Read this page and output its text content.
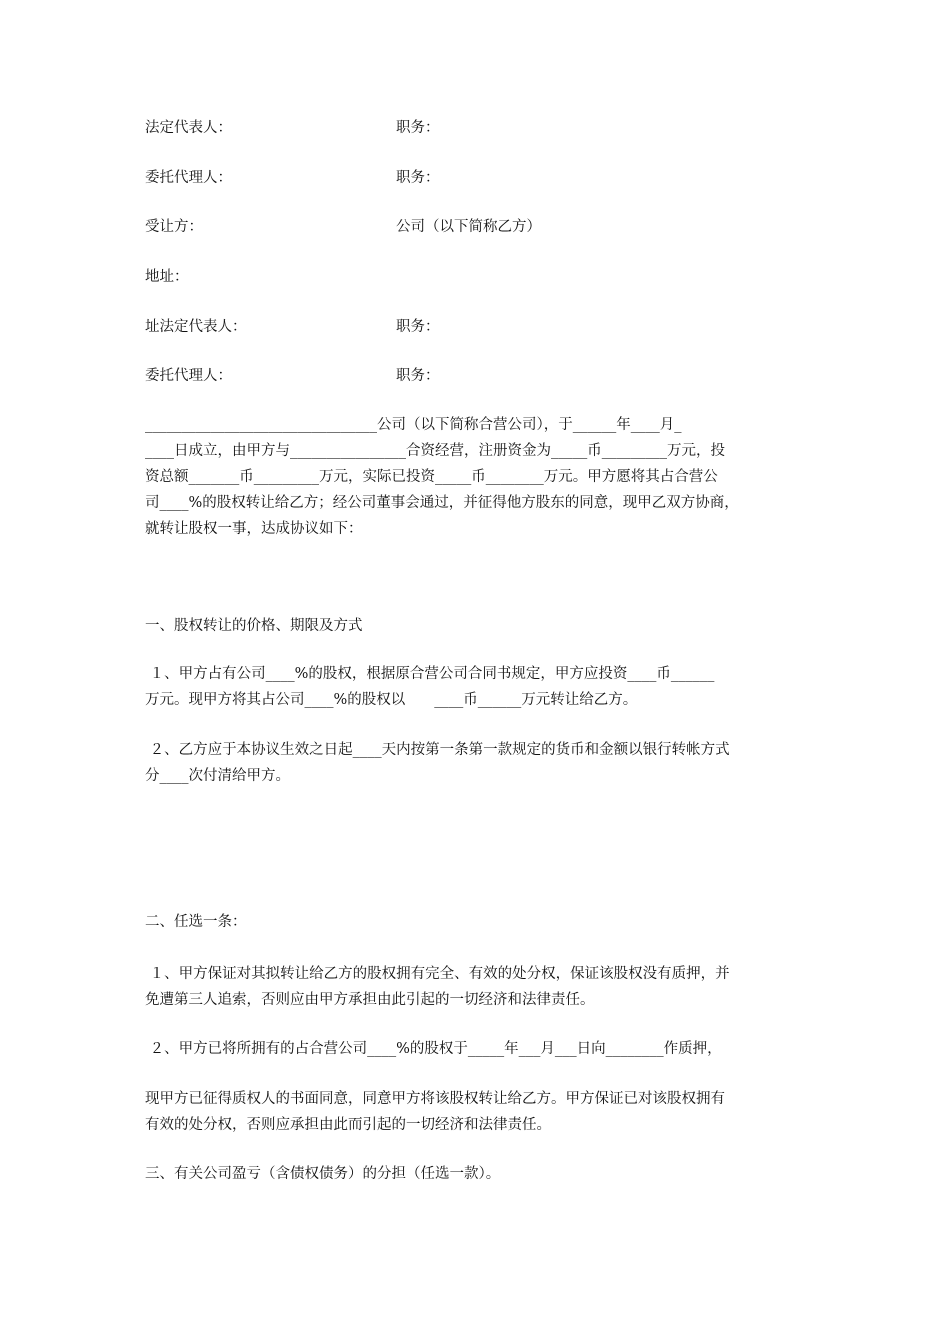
法定代表人：	职务：
委托代理人：	职务：
受让方：	公司（以下简称乙方）
地址：
址法定代表人：	职务：
委托代理人：	职务：
________________________________公司（以下简称合营公司），于______年____月_
____日成立，由甲方与________________合资经营，注册资金为_____币_________万元，投
资总额_______币_________万元，实际已投资_____币________万元。甲方愿将其占合营公
司____%的股权转让给乙方；经公司董事会通过，并征得他方股东的同意，现甲乙双方协商，
就转让股权一事，达成协议如下：
一、股权转让的价格、期限及方式
１、甲方占有公司____%的股权，根据原合营公司合同书规定，甲方应投资____币______
万元。现甲方将其占公司____%的股权以　　____币______万元转让给乙方。
２、乙方应于本协议生效之日起____天内按第一条第一款规定的货币和金额以银行转帐方式
分____次付清给甲方。
二、任选一条：
１、甲方保证对其拟转让给乙方的股权拥有完全、有效的处分权，保证该股权没有质押，并
免遭第三人追索，否则应由甲方承担由此引起的一切经济和法律责任。
２、甲方已将所拥有的占合营公司____%的股权于_____年___月___日向________作质押，
现甲方已征得质权人的书面同意，同意甲方将该股权转让给乙方。甲方保证已对该股权拥有
有效的处分权，否则应承担由此而引起的一切经济和法律责任。
三、有关公司盈亏（含债权债务）的分担（任选一款）。
